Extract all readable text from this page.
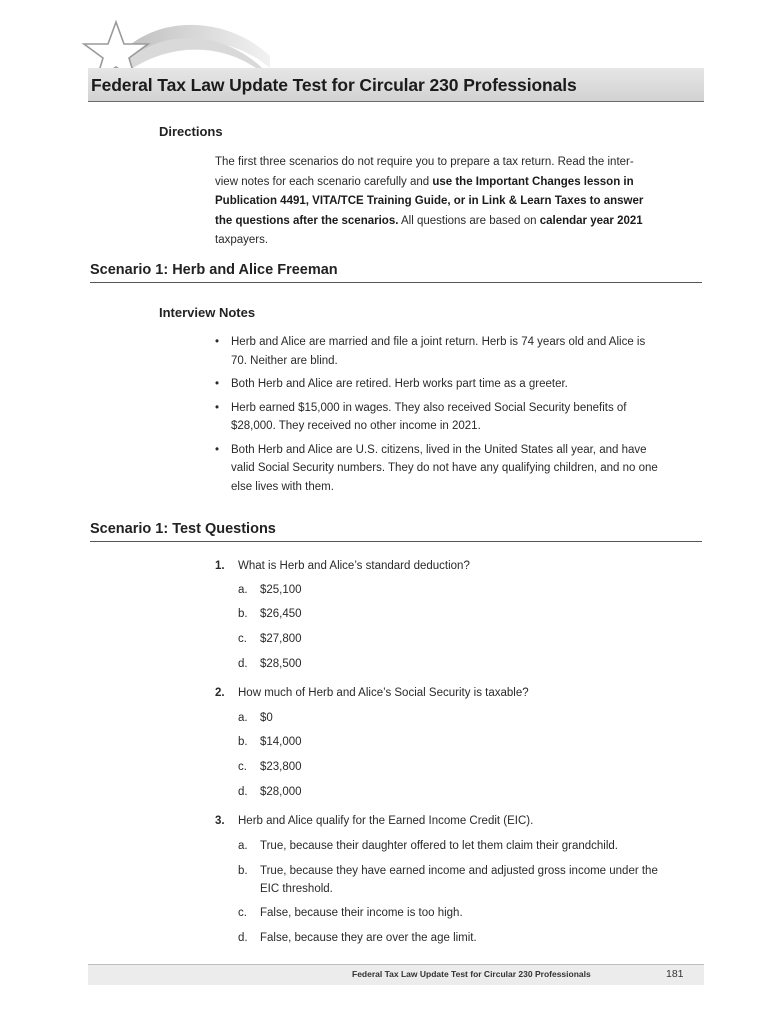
Federal Tax Law Update Test for Circular 230 Professionals
Directions
The first three scenarios do not require you to prepare a tax return. Read the inter-
view notes for each scenario carefully and use the Important Changes lesson in
Publication 4491, VITA/TCE Training Guide, or in Link & Learn Taxes to answer
the questions after the scenarios. All questions are based on calendar year 2021
taxpayers.
Scenario 1: Herb and Alice Freeman
Interview Notes
• Herb and Alice are married and file a joint return. Herb is 74 years old and Alice is
70. Neither are blind.
• Both Herb and Alice are retired. Herb works part time as a greeter.
• Herb earned $15,000 in wages. They also received Social Security benefits of
$28,000. They received no other income in 2021.
• Both Herb and Alice are U.S. citizens, lived in the United States all year, and have
valid Social Security numbers. They do not have any qualifying children, and no one
else lives with them.
Scenario 1: Test Questions
1. What is Herb and Alice’s standard deduction?
a. $25,100
b. $26,450
c. $27,800
d. $28,500
2. How much of Herb and Alice’s Social Security is taxable?
a. $0
b. $14,000
c. $23,800
d. $28,000
3. Herb and Alice qualify for the Earned Income Credit (EIC).
a. True, because their daughter offered to let them claim their grandchild.
b. True, because they have earned income and adjusted gross income under the
EIC threshold.
c. False, because their income is too high.
d. False, because they are over the age limit.
Federal Tax Law Update Test for Circular 230 Professionals	181
